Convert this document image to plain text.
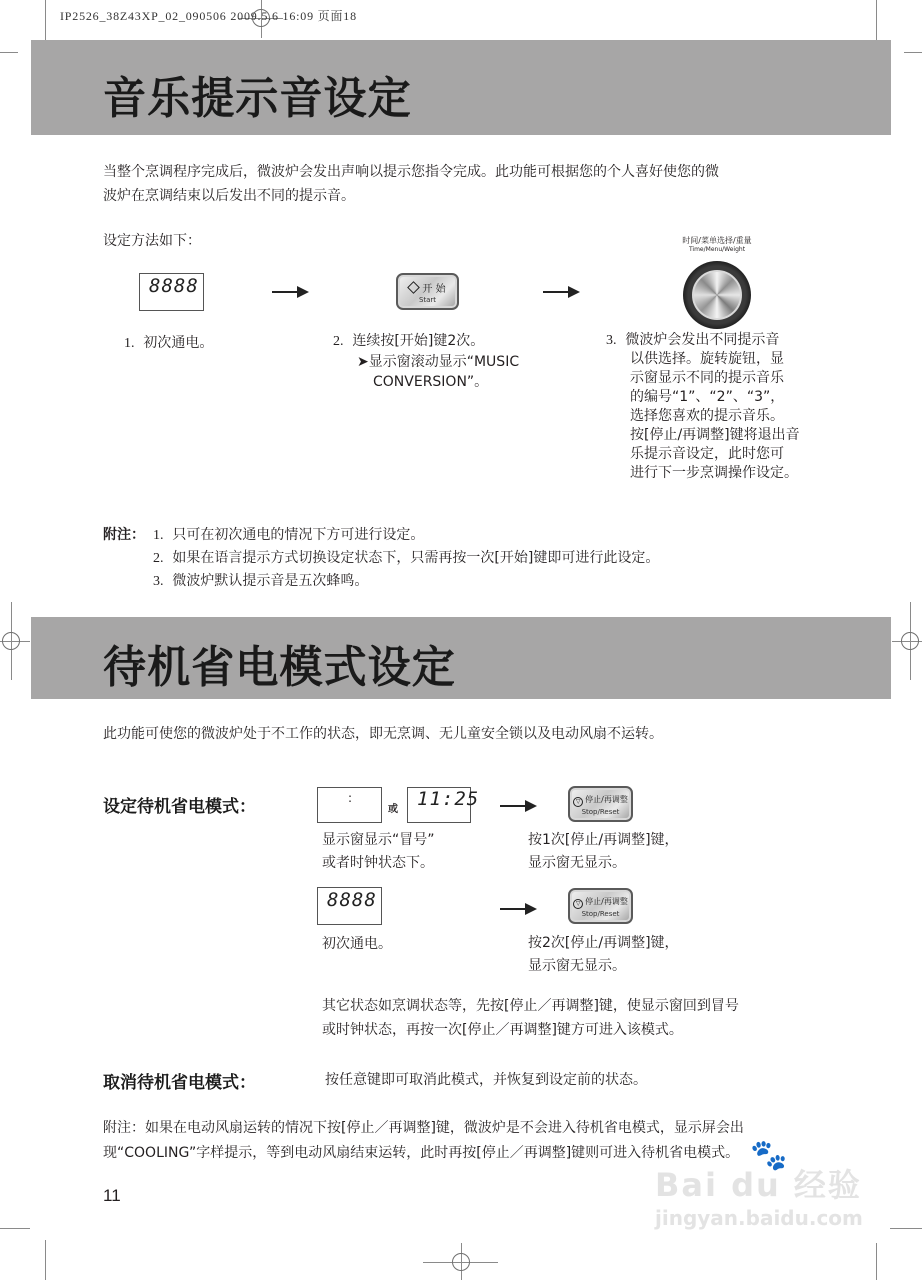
IP2526_38Z43XP_02_090506 2009.5.6 16:09 页面18
音乐提示音设定
当整个烹调程序完成后，微波炉会发出声响以提示您指令完成。此功能可根据您的个人喜好使您的微
波炉在烹调结束以后发出不同的提示音。
设定方法如下：
8888	开 始
Start
时间/菜单选择/重量
Time/Menu/Weight
1. 初次通电。	2. 连续按[开始]键2次。
➤显示窗滚动显示“MUSIC
CONVERSION”。
3. 微波炉会发出不同提示音
以供选择。旋转旋钮，显
示窗显示不同的提示音乐
的编号“1”、“2”、“3”，
选择您喜欢的提示音乐。
按[停止/再调整]键将退出音
乐提示音设定，此时您可
进行下一步烹调操作设定。
附注： 1. 只可在初次通电的情况下方可进行设定。
2. 如果在语言提示方式切换设定状态下，只需再按一次[开始]键即可进行此设定。
3. 微波炉默认提示音是五次蜂鸣。
待机省电模式设定
此功能可使您的微波炉处于不工作的状态，即无烹调、无儿童安全锁以及电动风扇不运转。
设定待机省电模式：	:
或 11:25	▽ 停止/再调整
Stop/Reset
显示窗显示“冒号”
或者时钟状态下。
按1次[停止/再调整]键，
显示窗无显示。
8888	▽ 停止/再调整
Stop/Reset
初次通电。	按2次[停止/再调整]键，
显示窗无显示。
其它状态如烹调状态等，先按[停止／再调整]键，使显示窗回到冒号
或时钟状态，再按一次[停止／再调整]键方可进入该模式。
取消待机省电模式：	按任意键即可取消此模式，并恢复到设定前的状态。
附注：如果在电动风扇运转的情况下按[停止／再调整]键，微波炉是不会进入待机省电模式，显示屏会出
现“COOLING”字样提示，等到电动风扇结束运转，此时再按[停止／再调整]键则可进入待机省电模式。
11
🐾
Bai du 经验
jingyan.baidu.com
